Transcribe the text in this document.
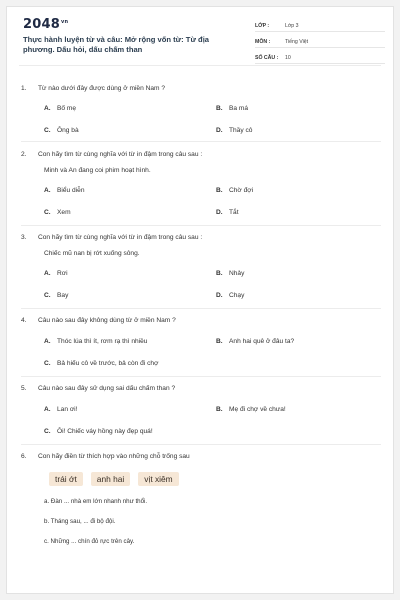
$2048^{vn}$
Thực hành luyện từ và câu: Mở rộng vốn từ: Từ địa phương. Dấu hỏi, dấu chấm than
LỚP :	Lớp 3
MÔN :	Tiếng Việt
SỐ CÂU :	10
1.	Từ nào dưới đây được dùng ở miền Nam ?
A. Bố mẹ	B. Ba má
C. Ông bà	D. Thầy cô
2.	Con hãy tìm từ cùng nghĩa với từ in đậm trong câu sau :
Minh và An đang coi phim hoạt hình.
A. Biểu diễn	B. Chờ đợi
C. Xem	D. Tắt
3.	Con hãy tìm từ cùng nghĩa với từ in đậm trong câu sau :
Chiếc mũ nan bị rớt xuống sông.
A. Rơi	B. Nhảy
C. Bay	D. Chạy
4.	Câu nào sau đây không dùng từ ở miền Nam ?
A. Thóc lúa thì ít, rơm rạ thì nhiều	B. Anh hai quê ở đâu ta?
C. Bả hiếu cô về trước, bả còn đi chợ
5.	Câu nào sau đây sử dụng sai dấu chấm than ?
A. Lan ơi!	B. Mẹ đi chợ về chưa!
C. Ôi! Chiếc váy hồng này đẹp quá!
6.	Con hãy điền từ thích hợp vào những chỗ trống sau
trái ớt	anh hai	vịt xiêm
a. Đàn ... nhà em lớn nhanh như thổi.
b. Tháng sau, ... đi bộ đội.
c. Những ... chín đỏ rực trên cây.
